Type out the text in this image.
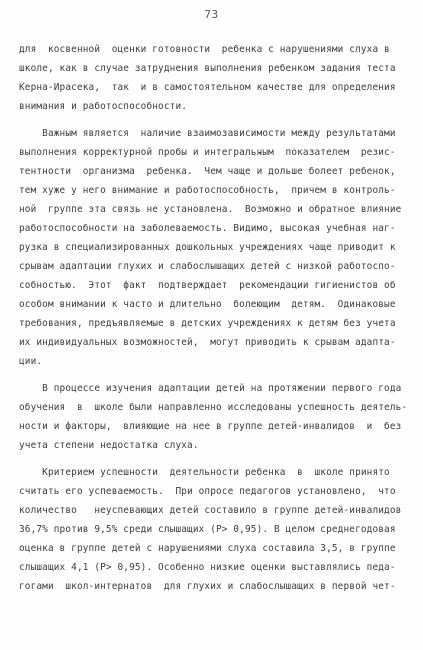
73
для  косвенной  оценки готовности  ребенка с нарушениями слуха в
школе, как в случае затруднения выполнения ребенком задания теста
Керна-Ирасека,  так  и в самостоятельном качестве для определения
внимания и работоспособности.
Важным является  наличие взаимозависимости между результатами
выполнения корректурной пробы и интегральным  показателем  резис-
тентности  организма  ребенка.  Чем чаще и дольше болеет ребенок,
тем хуже у него внимание и работоспособность,  причем в контроль-
ной  группе эта связь не установлена.  Возможно и обратное влияние
работоспособности на заболеваемость. Видимо, высокая учебная наг-
рузка в специализированных дошкольных учреждениях чаще приводит к
срывам адаптации глухих и слабослышащих детей с низкой работоспо-
собностью.  Этот  факт  подтверждает  рекомендации гигиенистов об
особом внимании к часто и длительно  болеющим  детям.  Одинаковые
требования, предъявляемые в детских учреждениях к детям без учета
их индивидуальных возможностей,  могут приводить к срывам адапта-
ции.
В процессе изучения адаптации детей на протяжении первого года
обучения  в  школе были направленно исследованы успешность деятель-
ности и факторы,  влияющие на нее в группе детей-инвалидов  и  без
учета степени недостатка слуха.
Критерием успешности  деятельности ребенка  в  школе принято
считать его успеваемость.  При опросе педагогов установлено,  что
количество   неуспевающих детей составило в группе детей-инвалидов
36,7% против 9,5% среди слышащих (P> 0,95). В целом среднегодовая
оценка в группе детей с нарушениями слуха составила 3,5, в группе
слышащих 4,1 (P> 0,95). Особенно низкие оценки выставлялись педа-
гогами  школ-интернатов  для глухих и слабослышащих в первой чет-
